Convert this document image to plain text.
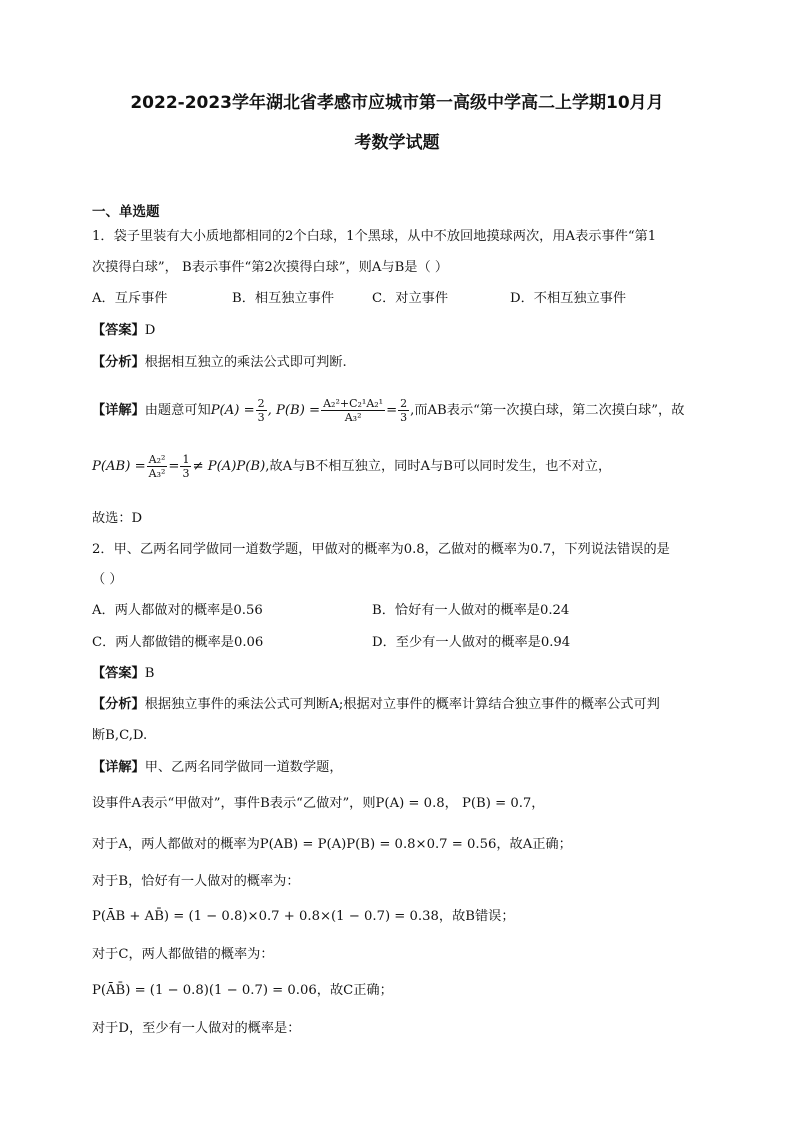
2022-2023学年湖北省孝感市应城市第一高级中学高二上学期10月月
考数学试题
一、单选题
1．袋子里装有大小质地都相同的2个白球，1个黑球，从中不放回地摸球两次，用A表示事件“第1
次摸得白球”， B表示事件“第2次摸得白球”，则A与B是（ ）
A．互斥事件	B．相互独立事件	C．对立事件	D．不相互独立事件
【答案】D
【分析】根据相互独立的乘法公式即可判断.
【详解】由题意可知$P(A) = \frac{2}{3}$ , $P(B) = \frac{\text{A₂²+C₂¹A₂¹}}{\text{A₃²}} = \frac{2}{3}$ ,而AB表示“第一次摸白球，第二次摸白球”，故
$P(AB) = \frac{\text{A₂²}}{\text{A₃²}} = \frac{1}{3} \ne P(A)P(B)$,故A与B不相互独立，同时A与B可以同时发生，也不对立，
故选：D
2．甲、乙两名同学做同一道数学题，甲做对的概率为0.8，乙做对的概率为0.7，下列说法错误的是
（ ）
A．两人都做对的概率是0.56	B．恰好有一人做对的概率是0.24
C．两人都做错的概率是0.06	D．至少有一人做对的概率是0.94
【答案】B
【分析】根据独立事件的乘法公式可判断A;根据对立事件的概率计算结合独立事件的概率公式可判
断B,C,D.
【详解】甲、乙两名同学做同一道数学题，
设事件A表示“甲做对”，事件B表示“乙做对”，则P(A) = 0.8， P(B) = 0.7，
对于A，两人都做对的概率为P(AB) = P(A)P(B) = 0.8×0.7 = 0.56，故A正确；
对于B，恰好有一人做对的概率为：
P(ĀB + AB̄) = (1 − 0.8)×0.7 + 0.8×(1 − 0.7) = 0.38，故B错误；
对于C，两人都做错的概率为：
P(ĀB̄) = (1 − 0.8)(1 − 0.7) = 0.06，故C正确；
对于D，至少有一人做对的概率是：
